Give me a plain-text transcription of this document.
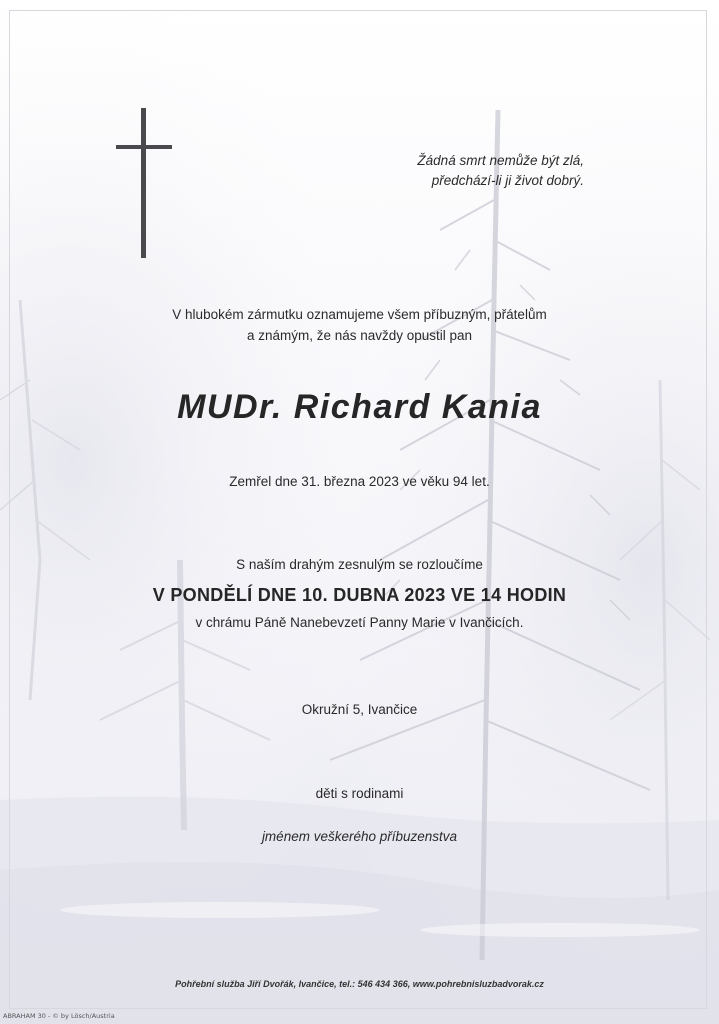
Žádná smrt nemůže být zlá,
předchází-li ji život dobrý.
V hlubokém zármutku oznamujeme všem příbuzným, přátelům
a známým, že nás navždy opustil pan
MUDr. Richard Kania
Zemřel dne 31. března 2023 ve věku 94 let.
S naším drahým zesnulým se rozloučíme
V PONDĚLÍ DNE 10. DUBNA 2023 VE 14 HODIN
v chrámu Páně Nanebevzetí Panny Marie v Ivančicích.
Okružní 5, Ivančice
děti s rodinami
jménem veškerého příbuzenstva
Pohřební služba Jiří Dvořák, Ivančice, tel.: 546 434 366, www.pohrebnisluzbadvorak.cz
ABRAHAM 30 - © by Lösch/Austria
